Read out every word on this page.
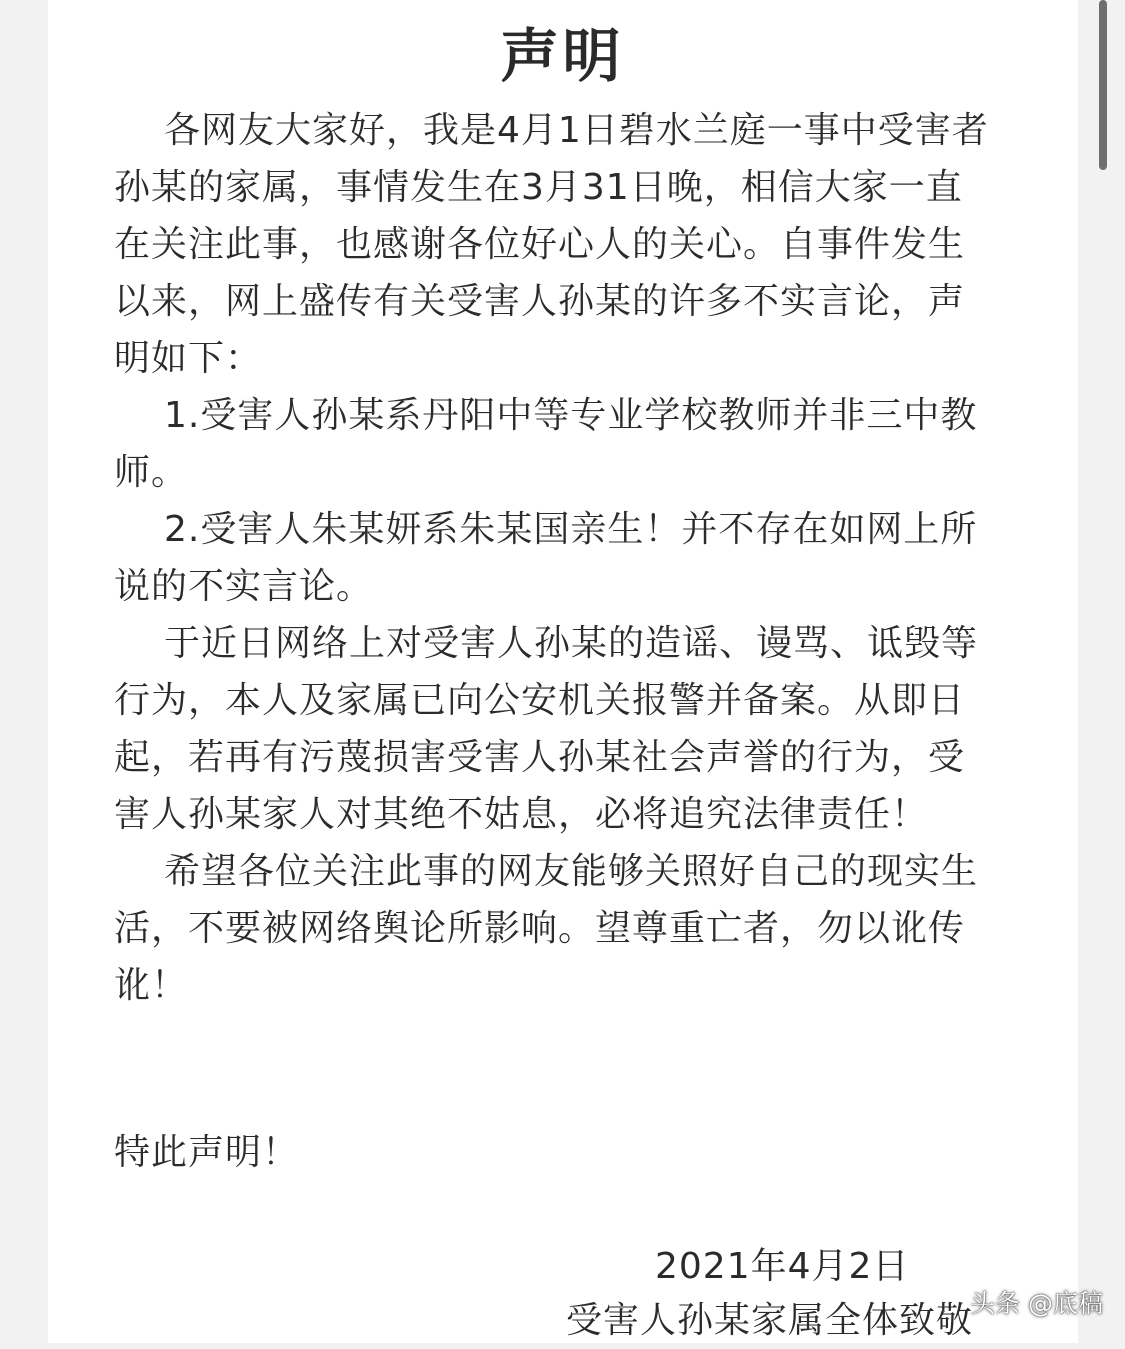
声明

各网友大家好，我是4月1日碧水兰庭一事中受害者孙某的家属，事情发生在3月31日晚，相信大家一直在关注此事，也感谢各位好心人的关心。自事件发生以来，网上盛传有关受害人孙某的许多不实言论，声明如下：

1.受害人孙某系丹阳中等专业学校教师并非三中教师。

2.受害人朱某妍系朱某国亲生！并不存在如网上所说的不实言论。

于近日网络上对受害人孙某的造谣、谩骂、诋毁等行为，本人及家属已向公安机关报警并备案。从即日起，若再有污蔑损害受害人孙某社会声誉的行为，受害人孙某家人对其绝不姑息，必将追究法律责任！

希望各位关注此事的网友能够关照好自己的现实生活，不要被网络舆论所影响。望尊重亡者，勿以讹传讹！

特此声明！
2021年4月2日
受害人孙某家属全体致敬
头条 @底稿
